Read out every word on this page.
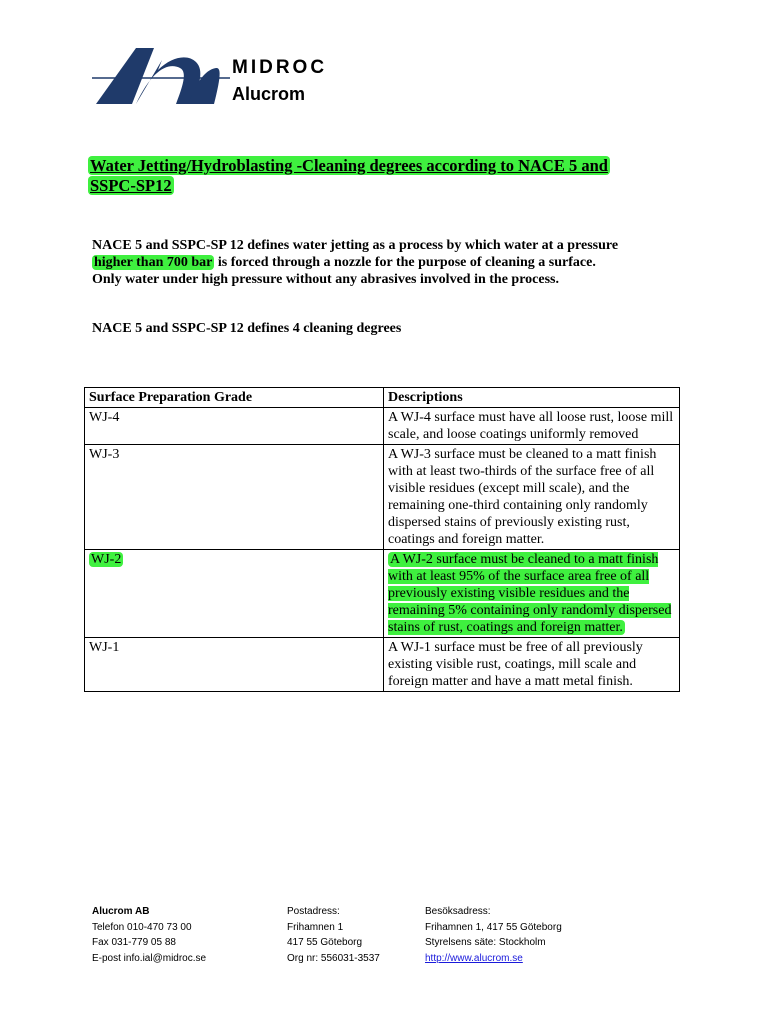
MIDROC
Alucrom
Water Jetting/Hydroblasting -Cleaning degrees according to NACE 5 and
SSPC-SP12
NACE 5 and SSPC-SP 12 defines water jetting as a process by which water at a pressure
higher than 700 bar is forced through a nozzle for the purpose of cleaning a surface.
Only water under high pressure without any abrasives involved in the process.
NACE 5 and SSPC-SP 12 defines 4 cleaning degrees
Surface Preparation Grade	Descriptions
WJ-4	A WJ-4 surface must have all loose rust, loose mill scale, and loose coatings uniformly removed
WJ-3	A WJ-3 surface must be cleaned to a matt finish with at least two-thirds of the surface free of all visible residues (except mill scale), and the remaining one-third containing only randomly dispersed stains of previously existing rust, coatings and foreign matter.
WJ-2	A WJ-2 surface must be cleaned to a matt finish with at least 95% of the surface area free of all previously existing visible residues and the remaining 5% containing only randomly dispersed stains of rust, coatings and foreign matter.
WJ-1	A WJ-1 surface must be free of all previously existing visible rust, coatings, mill scale and foreign matter and have a matt metal finish.
Alucrom AB
Telefon 010-470 73 00
Fax 031-779 05 88
E-post info.ial@midroc.se
Postadress:
Frihamnen 1
417 55 Göteborg
Org nr: 556031-3537
Besöksadress:
Frihamnen 1, 417 55 Göteborg
Styrelsens säte: Stockholm
http://www.alucrom.se
